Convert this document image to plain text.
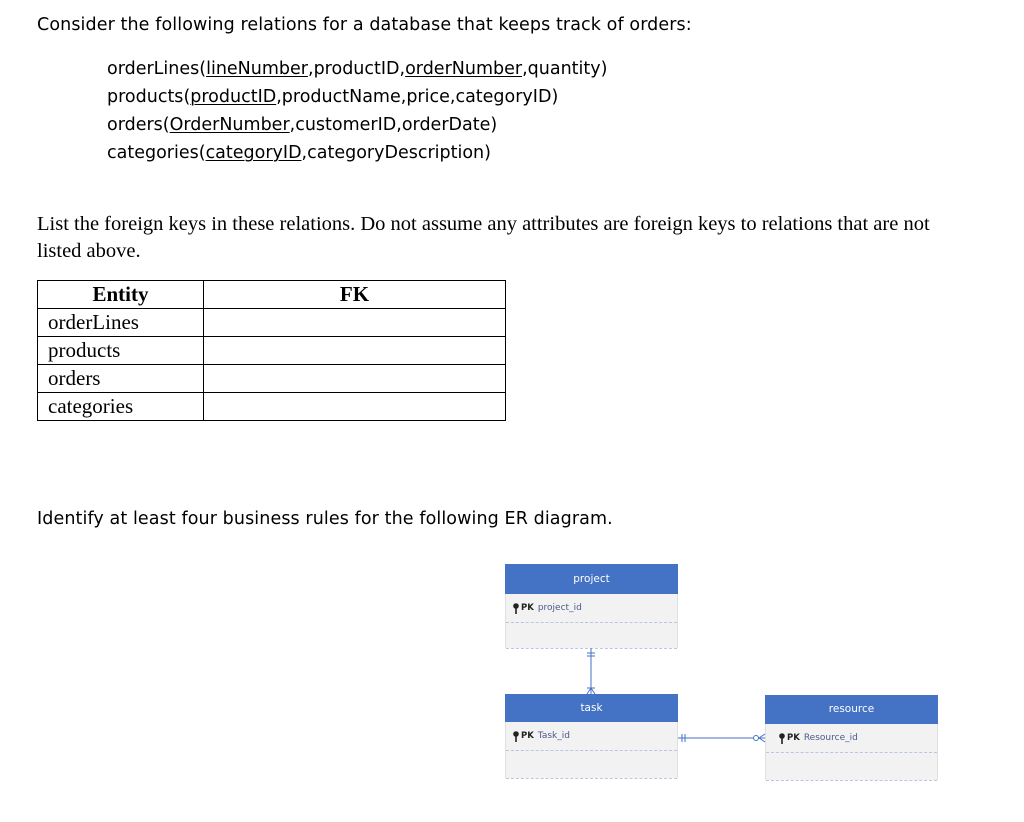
Consider the following relations for a database that keeps track of orders:
orderLines(lineNumber,productID,orderNumber,quantity)
products(productID,productName,price,categoryID)
orders(OrderNumber,customerID,orderDate)
categories(categoryID,categoryDescription)
List the foreign keys in these relations. Do not assume any attributes are foreign keys to relations that are not listed above.
Entity	FK
orderLines	
products	
orders	
categories	
Identify at least four business rules for the following ER diagram.
project
PK project_id
task
PK Task_id
resource
PK Resource_id
